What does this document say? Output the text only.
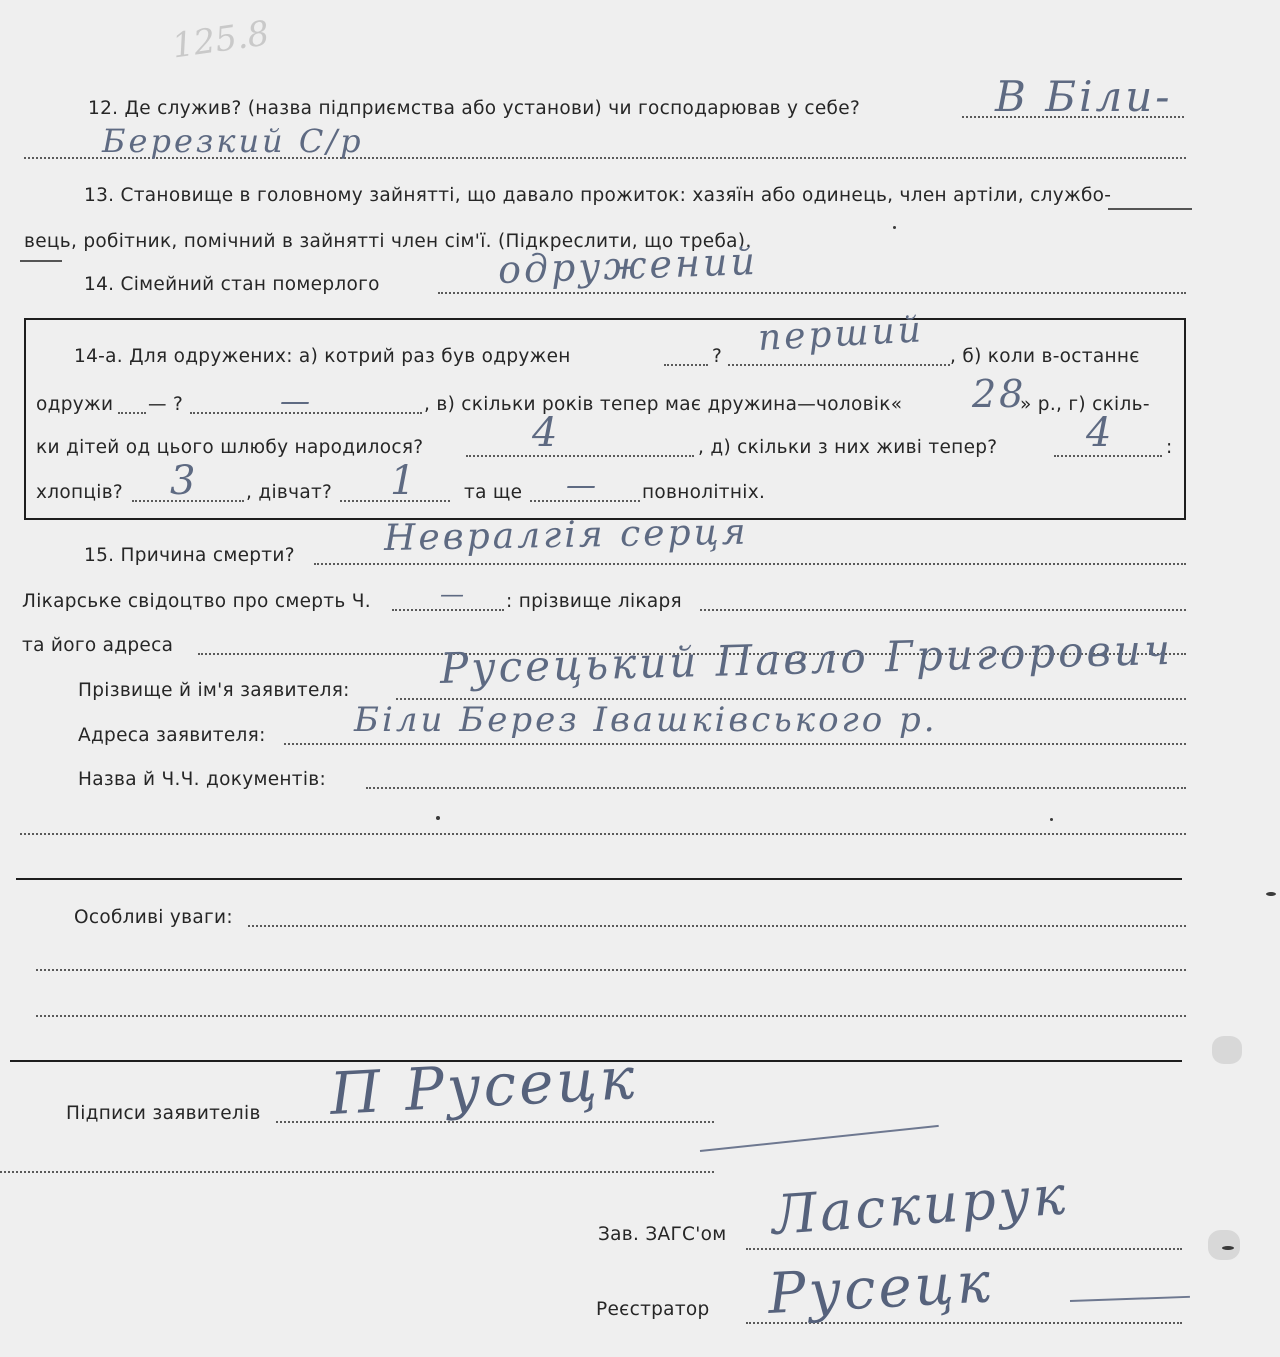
125.8
12. Де служив? (назва підприємства або установи) чи господарював у себе?	В Біли-
Березкий С/р
13. Становище в головному зайнятті, що давало прожиток: хазяїн або одинець, член артіли, службо-
вець, робітник, помічний в зайнятті член сім'ї. (Підкреслити, що треба).
14. Сімейний стан померлого	одружений
14-а. Для одружених: а) котрий раз був одружен	? перший , б) коли в-останнє
одружи — ?	—	, в) скільки років тепер має дружина—чоловік« 28
» р., г) скіль-
ки дітей од цього шлюбу народилося?	4	, д) скільки з них живі тепер? 4	:
хлопців? 3	, дівчат? 1 та ще — повнолітніх.
15. Причина смерти? Невралгія серця
Лікарське свідоцтво про смерть Ч.	— : прізвище лікаря
та його адреса
Прізвище й ім'я заявителя: Русецький Павло Григорович
Адреса заявителя:	Біли Берез Івашківського р.
Назва й Ч.Ч. документів:
Особливі уваги:
Підписи заявителів П Русецк
Зав. ЗАГС'ом Ласкирук
Реєстратор Русецк
